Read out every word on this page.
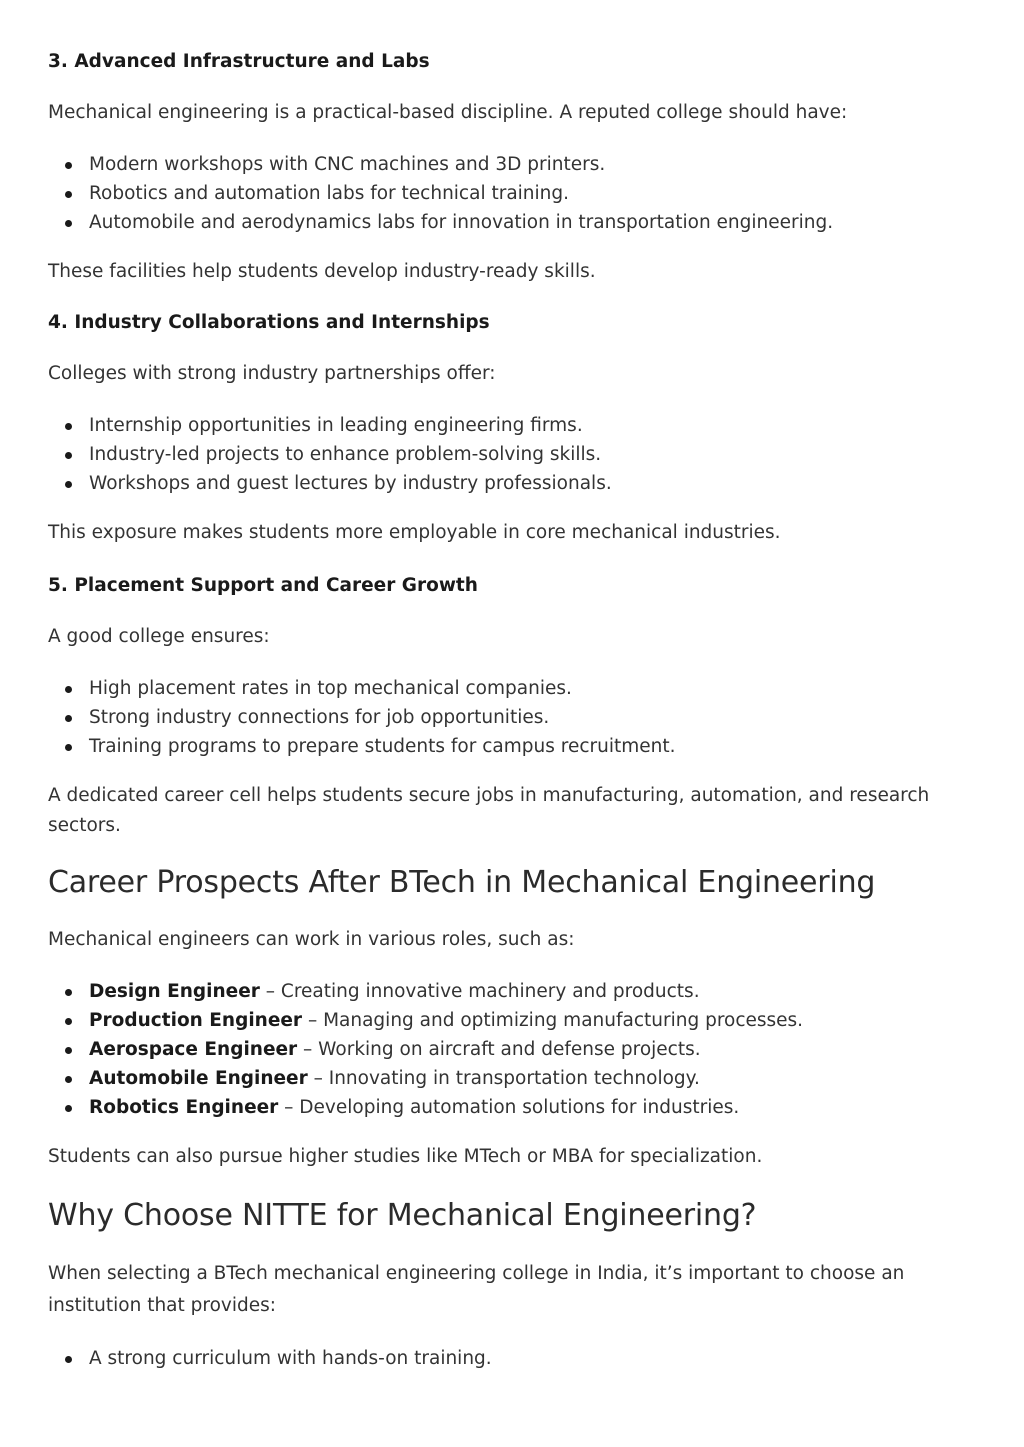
3. Advanced Infrastructure and Labs

Mechanical engineering is a practical-based discipline. A reputed college should have:

Modern workshops with CNC machines and 3D printers.
Robotics and automation labs for technical training.
Automobile and aerodynamics labs for innovation in transportation engineering.

These facilities help students develop industry-ready skills.

4. Industry Collaborations and Internships

Colleges with strong industry partnerships offer:

Internship opportunities in leading engineering firms.
Industry-led projects to enhance problem-solving skills.
Workshops and guest lectures by industry professionals.

This exposure makes students more employable in core mechanical industries.

5. Placement Support and Career Growth

A good college ensures:

High placement rates in top mechanical companies.
Strong industry connections for job opportunities.
Training programs to prepare students for campus recruitment.

A dedicated career cell helps students secure jobs in manufacturing, automation, and research sectors.

Career Prospects After BTech in Mechanical Engineering

Mechanical engineers can work in various roles, such as:

Design Engineer – Creating innovative machinery and products.
Production Engineer – Managing and optimizing manufacturing processes.
Aerospace Engineer – Working on aircraft and defense projects.
Automobile Engineer – Innovating in transportation technology.
Robotics Engineer – Developing automation solutions for industries.

Students can also pursue higher studies like MTech or MBA for specialization.

Why Choose NITTE for Mechanical Engineering?

When selecting a BTech mechanical engineering college in India, it’s important to choose an institution that provides:

A strong curriculum with hands-on training.
